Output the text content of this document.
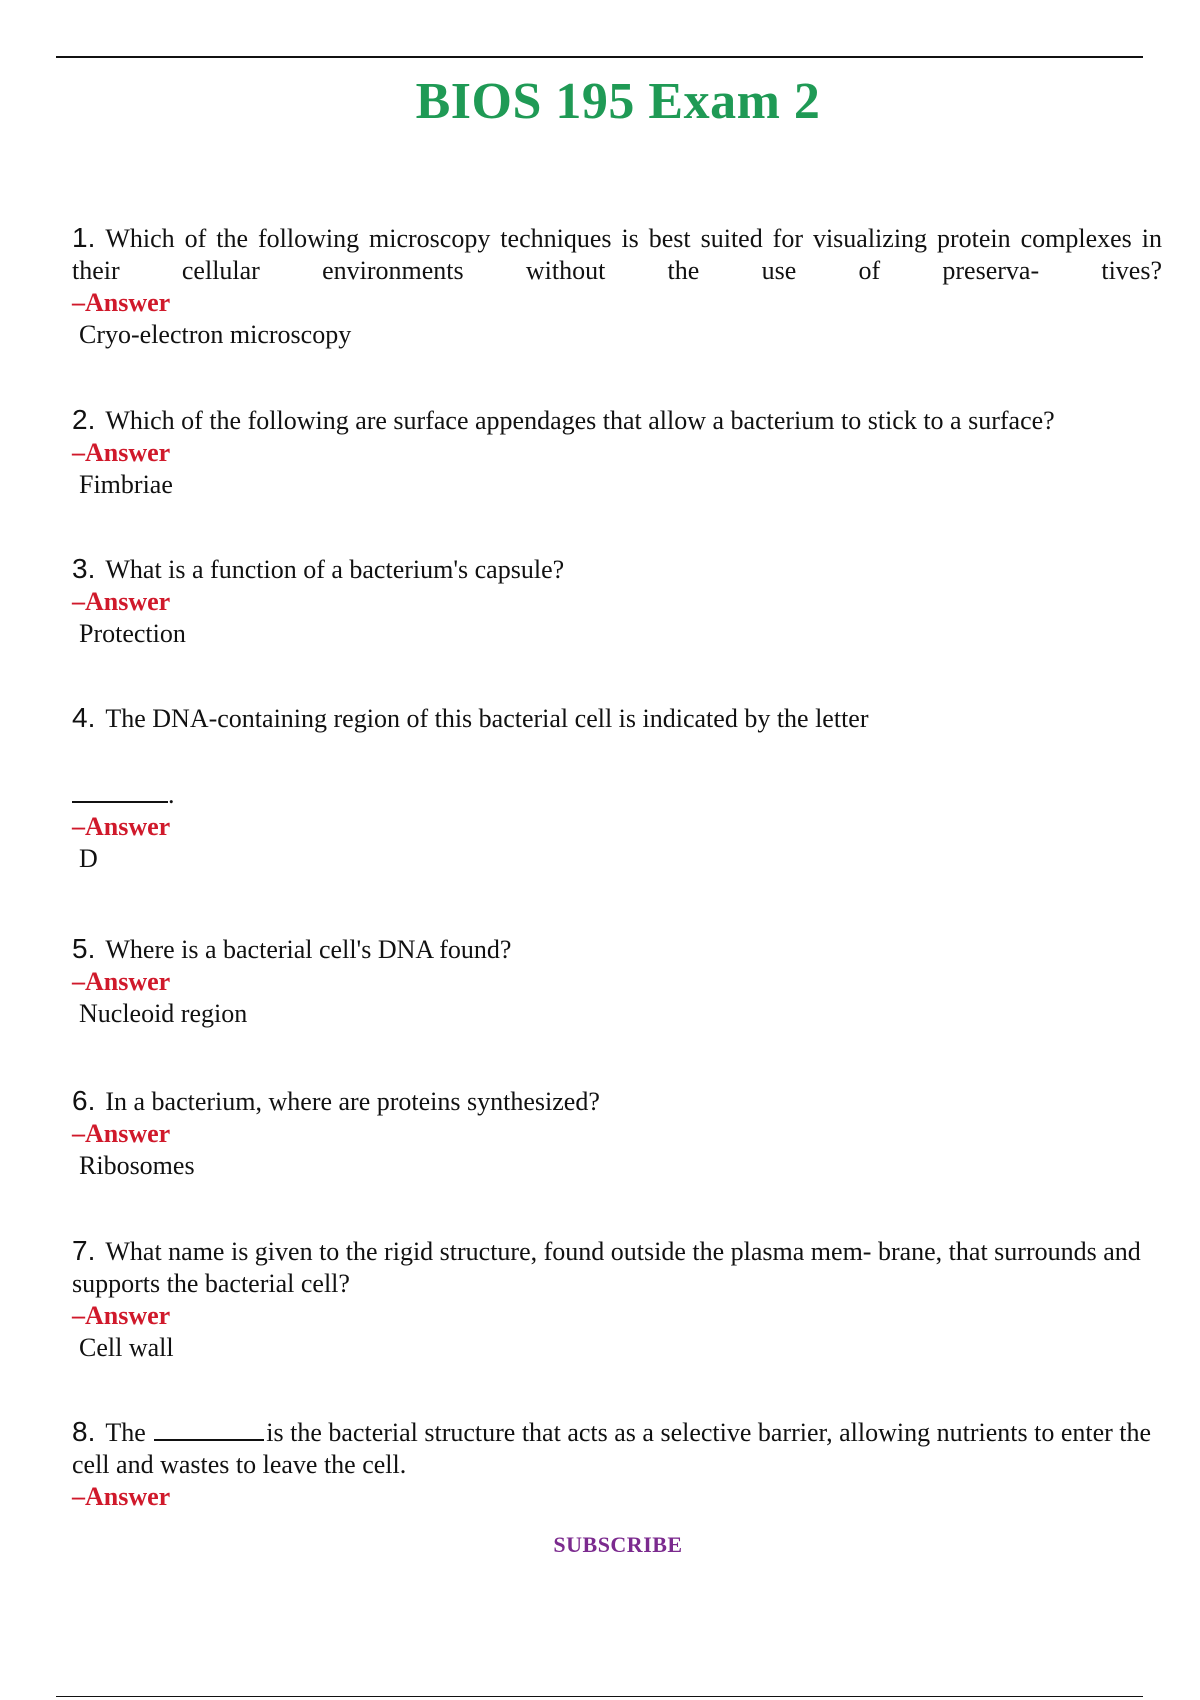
BIOS 195 Exam 2
1. Which of the following microscopy techniques is best suited for visualizing protein complexes in their cellular environments without the use of preserva- tives?
–Answer
Cryo-electron microscopy
2. Which of the following are surface appendages that allow a bacterium to stick to a surface?
–Answer
Fimbriae
3. What is a function of a bacterium's capsule?
–Answer
Protection
4. The DNA-containing region of this bacterial cell is indicated by the letter
.
–Answer
D
5. Where is a bacterial cell's DNA found?
–Answer
Nucleoid region
6. In a bacterium, where are proteins synthesized?
–Answer
Ribosomes
7. What name is given to the rigid structure, found outside the plasma mem- brane, that surrounds and supports the bacterial cell?
–Answer
Cell wall
8. The	is the bacterial structure that acts as a selective barrier, allowing nutrients to enter the cell and wastes to leave the cell.
–Answer
SUBSCRIBE
